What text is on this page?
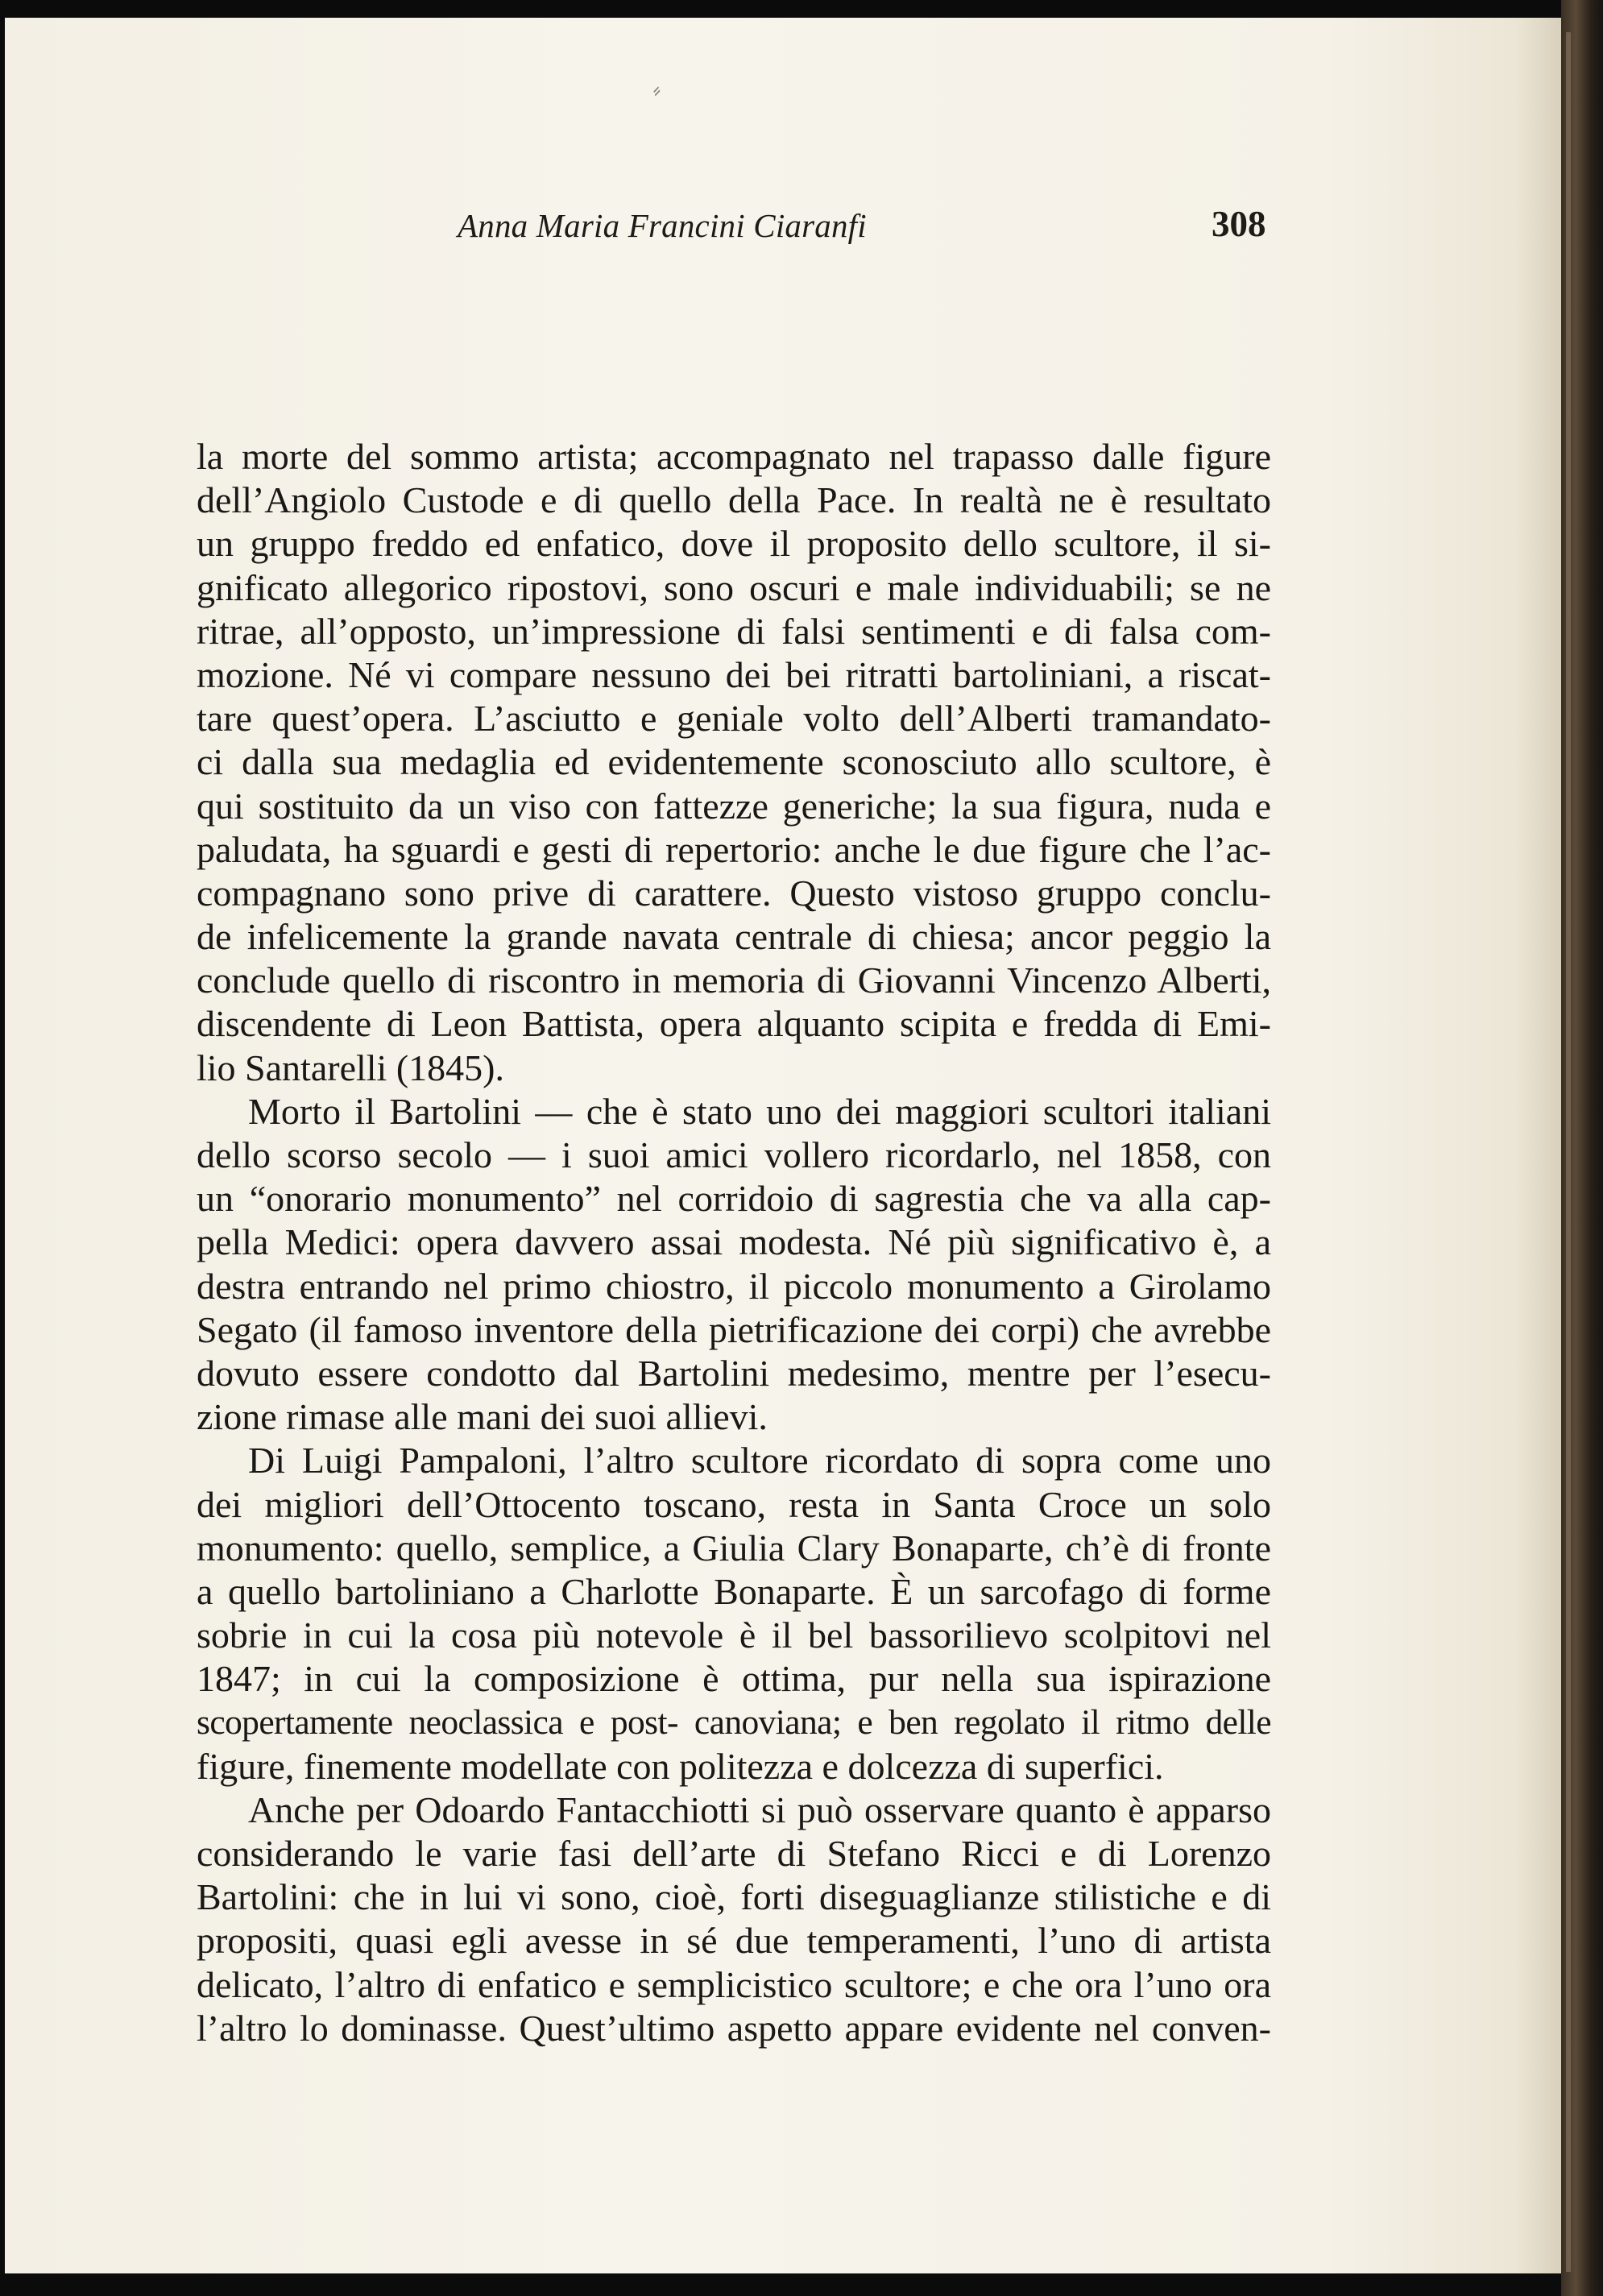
⸗
Anna Maria Francini Ciaranfi	308
la morte del sommo artista; accompagnato nel trapasso dalle figure
dell’Angiolo Custode e di quello della Pace. In realtà ne è resultato
un gruppo freddo ed enfatico, dove il proposito dello scultore, il si-
gnificato allegorico ripostovi, sono oscuri e male individuabili; se ne
ritrae, all’opposto, un’impressione di falsi sentimenti e di falsa com-
mozione. Né vi compare nessuno dei bei ritratti bartoliniani, a riscat-
tare quest’opera. L’asciutto e geniale volto dell’Alberti tramandato-
ci dalla sua medaglia ed evidentemente sconosciuto allo scultore, è
qui sostituito da un viso con fattezze generiche; la sua figura, nuda e
paludata, ha sguardi e gesti di repertorio: anche le due figure che l’ac-
compagnano sono prive di carattere. Questo vistoso gruppo conclu-
de infelicemente la grande navata centrale di chiesa; ancor peggio la
conclude quello di riscontro in memoria di Giovanni Vincenzo Alberti,
discendente di Leon Battista, opera alquanto scipita e fredda di Emi-
lio Santarelli (1845).
Morto il Bartolini — che è stato uno dei maggiori scultori italiani
dello scorso secolo — i suoi amici vollero ricordarlo, nel 1858, con
un “onorario monumento” nel corridoio di sagrestia che va alla cap-
pella Medici: opera davvero assai modesta. Né più significativo è, a
destra entrando nel primo chiostro, il piccolo monumento a Girolamo
Segato (il famoso inventore della pietrificazione dei corpi) che avrebbe
dovuto essere condotto dal Bartolini medesimo, mentre per l’esecu-
zione rimase alle mani dei suoi allievi.
Di Luigi Pampaloni, l’altro scultore ricordato di sopra come uno
dei migliori dell’Ottocento toscano, resta in Santa Croce un solo
monumento: quello, semplice, a Giulia Clary Bonaparte, ch’è di fronte
a quello bartoliniano a Charlotte Bonaparte. È un sarcofago di forme
sobrie in cui la cosa più notevole è il bel bassorilievo scolpitovi nel
1847; in cui la composizione è ottima, pur nella sua ispirazione
scopertamente neoclassica e post- canoviana; e ben regolato il ritmo delle
figure, finemente modellate con politezza e dolcezza di superfici.
Anche per Odoardo Fantacchiotti si può osservare quanto è apparso
considerando le varie fasi dell’arte di Stefano Ricci e di Lorenzo
Bartolini: che in lui vi sono, cioè, forti diseguaglianze stilistiche e di
propositi, quasi egli avesse in sé due temperamenti, l’uno di artista
delicato, l’altro di enfatico e semplicistico scultore; e che ora l’uno ora
l’altro lo dominasse. Quest’ultimo aspetto appare evidente nel conven-
